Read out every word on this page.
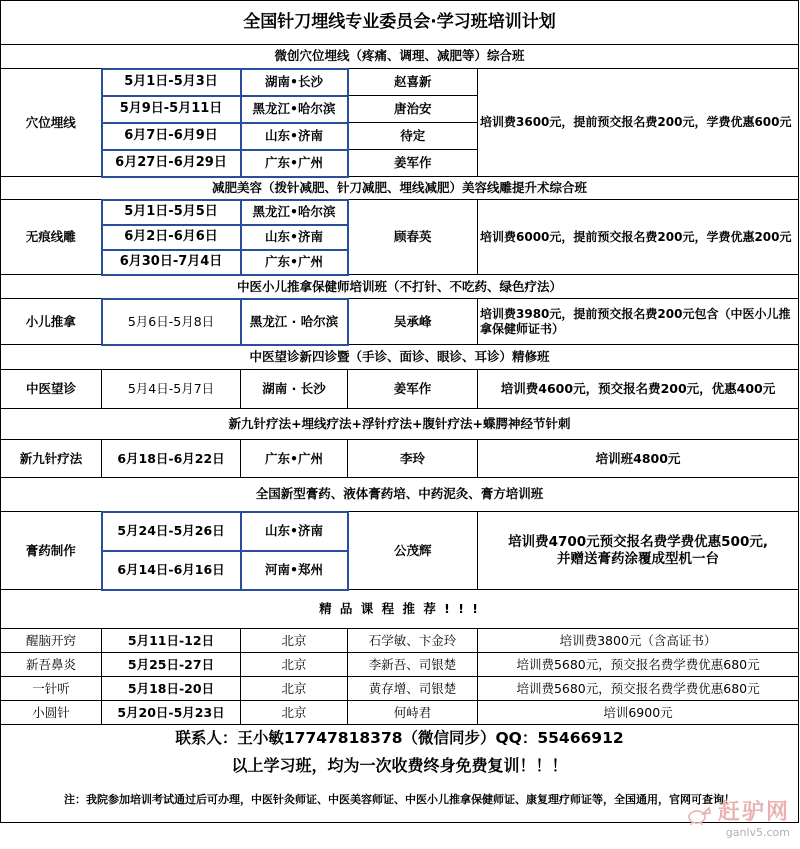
全国针刀埋线专业委员会·学习班培训计划				
微创穴位埋线（疼痛、调理、减肥等）综合班				
穴位埋线	5月1日-5月3日	湖南•长沙	赵喜新	培训费3600元，提前预交报名费200元，学费优惠600元
	5月9日-5月11日	黑龙江•哈尔滨	唐治安	
	6月7日-6月9日	山东•济南	待定	
	6月27日-6月29日	广东•广州	姜军作	
减肥美容（拨针减肥、针刀减肥、埋线减肥）美容线雕提升术综合班				
无痕线雕	5月1日-5月5日	黑龙江•哈尔滨	顾春英	培训费6000元，提前预交报名费200元，学费优惠200元
	6月2日-6月6日	山东•济南		
	6月30日-7月4日	广东•广州		
中医小儿推拿保健师培训班（不打针、不吃药、绿色疗法）				
小儿推拿	5月6日-5月8日	黑龙江 · 哈尔滨	吴承峰	培训费3980元，提前预交报名费200元包含（中医小儿推拿保健师证书）
中医望诊新四诊暨（手诊、面诊、眼诊、耳诊）精修班				
中医望诊	5月4日-5月7日	湖南 · 长沙	姜军作	培训费4600元，预交报名费200元，优惠400元
新九针疗法+埋线疗法+浮针疗法+腹针疗法+蝶腭神经节针刺				
新九针疗法	6月18日-6月22日	广东•广州	李玲	培训班4800元
全国新型膏药、液体膏药培、中药泥灸、膏方培训班				
膏药制作	5月24日-5月26日	山东•济南	公茂辉	培训费4700元预交报名费学费优惠500元,
并赠送膏药涂覆成型机一台

	6月14日-6月16日	河南•郑州		
精 品 课 程 推 荐 ! ! !				
醒脑开窍	5月11日-12日	北京	石学敏、卞金玲	培训费3800元（含高证书）
新吾鼻炎	5月25日-27日	北京	李新吾、司银楚	培训费5680元，预交报名费学费优惠680元
一针听	5月18日-20日	北京	黄存增、司银楚	培训费5680元，预交报名费学费优惠680元
小圆针	5月20日-5月23日	北京	何峙君	培训6900元
联系人：王小敏17747818378（微信同步）QQ：55466912				
以上学习班，均为一次收费终身免费复训！！！				
注：我院参加培训考试通过后可办理，中医针灸师证、中医美容师证、中医小儿推拿保健师证、康复理疗师证等，全国通用，官网可查询！				
赶驴网
ganlv5.com
